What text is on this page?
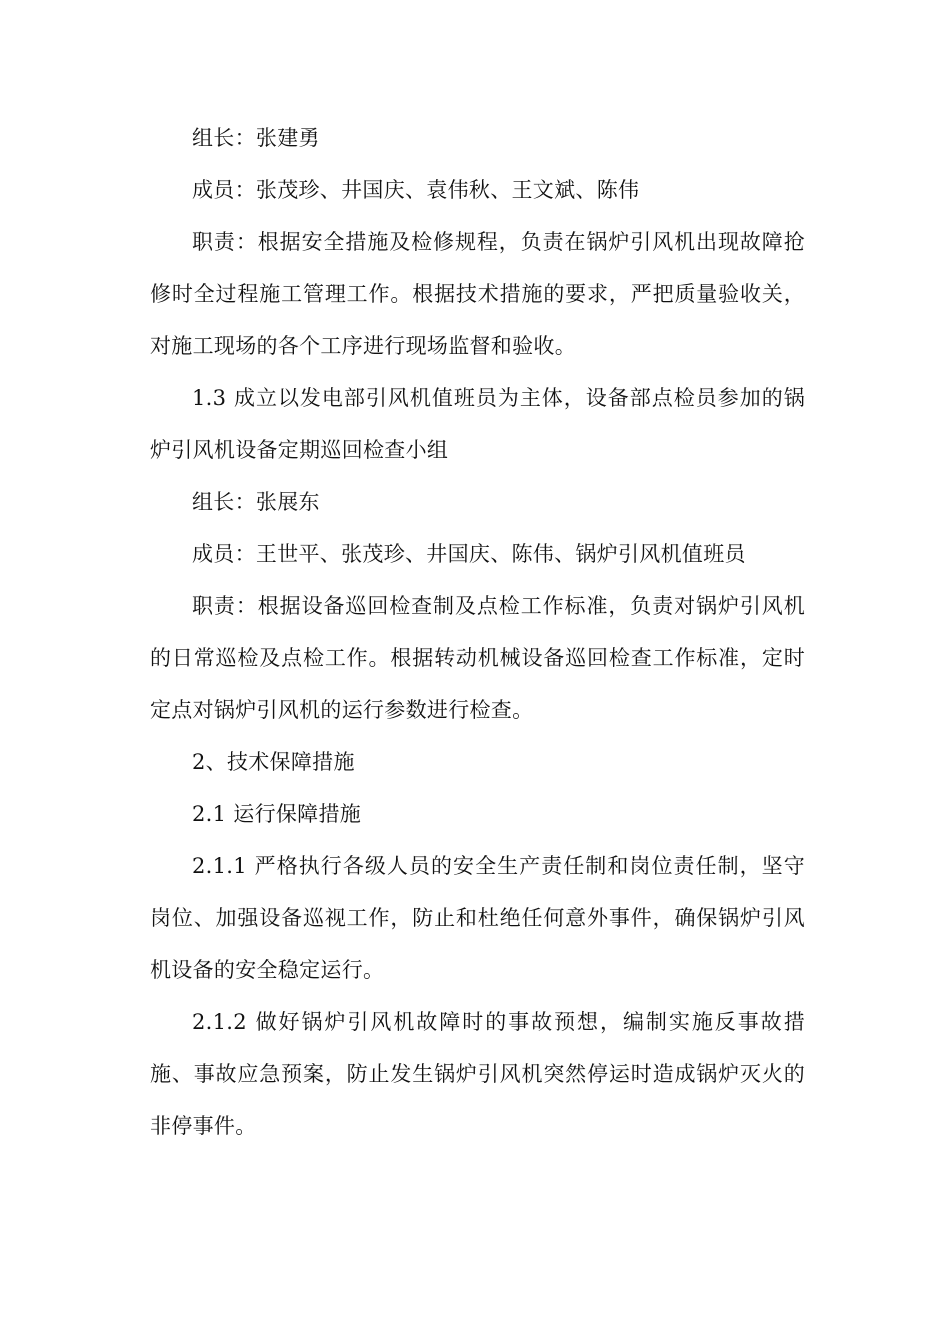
组长：张建勇

成员：张茂珍、井国庆、袁伟秋、王文斌、陈伟

职责：根据安全措施及检修规程，负责在锅炉引风机出现故障抢修时全过程施工管理工作。根据技术措施的要求，严把质量验收关，对施工现场的各个工序进行现场监督和验收。

1.3 成立以发电部引风机值班员为主体，设备部点检员参加的锅炉引风机设备定期巡回检查小组

组长：张展东

成员：王世平、张茂珍、井国庆、陈伟、锅炉引风机值班员

职责：根据设备巡回检查制及点检工作标准，负责对锅炉引风机的日常巡检及点检工作。根据转动机械设备巡回检查工作标准，定时定点对锅炉引风机的运行参数进行检查。

2、技术保障措施

2.1 运行保障措施

2.1.1 严格执行各级人员的安全生产责任制和岗位责任制，坚守岗位、加强设备巡视工作，防止和杜绝任何意外事件，确保锅炉引风机设备的安全稳定运行。

2.1.2 做好锅炉引风机故障时的事故预想，编制实施反事故措施、事故应急预案，防止发生锅炉引风机突然停运时造成锅炉灭火的非停事件。
